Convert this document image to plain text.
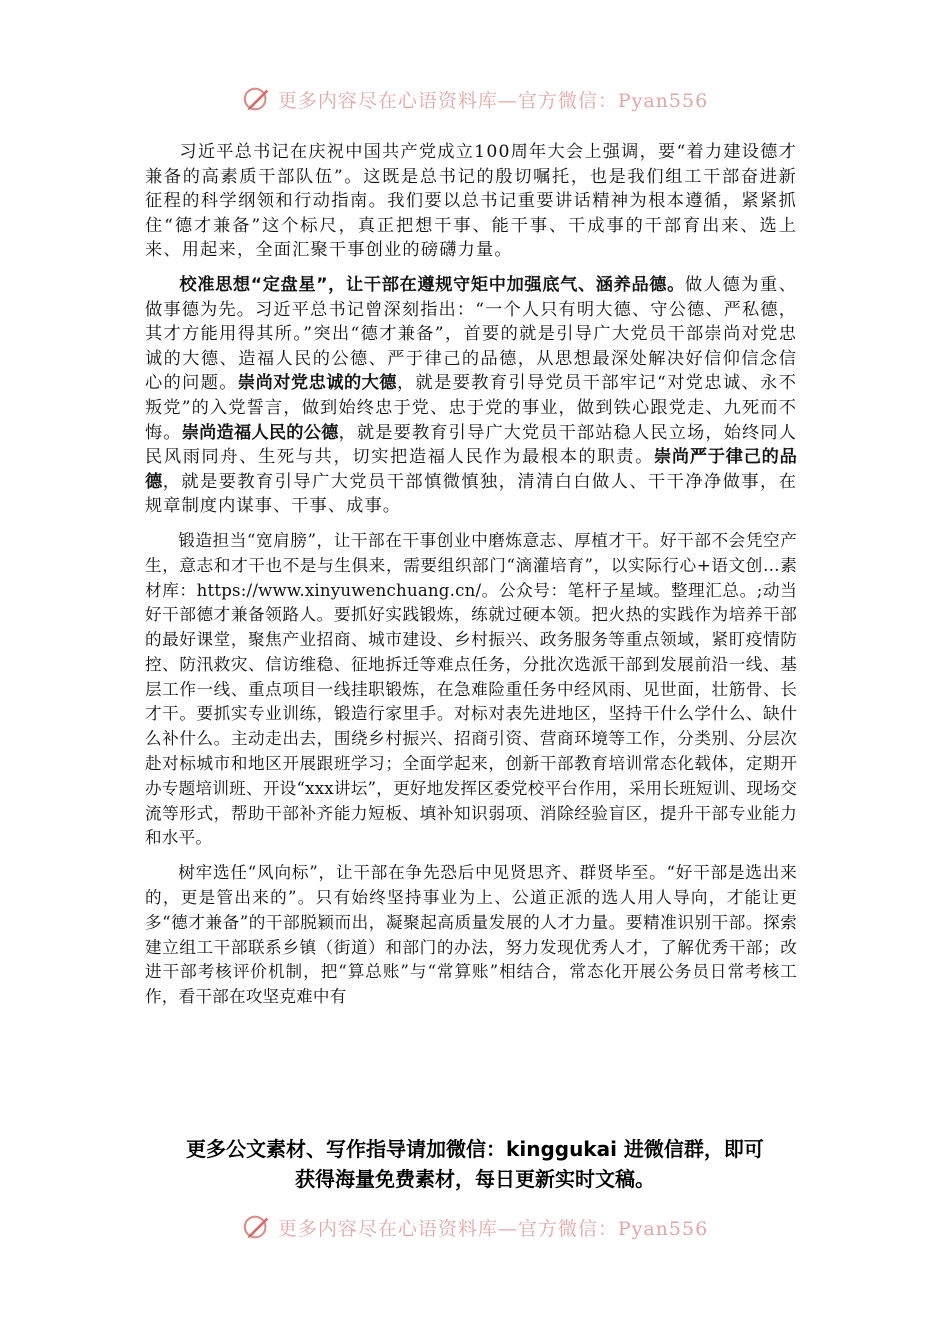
更多内容尽在心语资料库—官方微信：Pyan556

习近平总书记在庆祝中国共产党成立100周年大会上强调，要“着力建设德才兼备的高素质干部队伍”。这既是总书记的殷切嘱托，也是我们组工干部奋进新征程的科学纲领和行动指南。我们要以总书记重要讲话精神为根本遵循，紧紧抓住“德才兼备”这个标尺，真正把想干事、能干事、干成事的干部育出来、选上来、用起来，全面汇聚干事创业的磅礴力量。

校准思想“定盘星”，让干部在遵规守矩中加强底气、涵养品德。做人德为重、做事德为先。习近平总书记曾深刻指出：“一个人只有明大德、守公德、严私德，其才方能用得其所。”突出“德才兼备”，首要的就是引导广大党员干部崇尚对党忠诚的大德、造福人民的公德、严于律己的品德，从思想最深处解决好信仰信念信心的问题。崇尚对党忠诚的大德，就是要教育引导党员干部牢记“对党忠诚、永不叛党”的入党誓言，做到始终忠于党、忠于党的事业，做到铁心跟党走、九死而不悔。崇尚造福人民的公德，就是要教育引导广大党员干部站稳人民立场，始终同人民风雨同舟、生死与共，切实把造福人民作为最根本的职责。崇尚严于律己的品德，就是要教育引导广大党员干部慎微慎独，清清白白做人、干干净净做事，在规章制度内谋事、干事、成事。

锻造担当“宽肩膀”，让干部在干事创业中磨炼意志、厚植才干。好干部不会凭空产生，意志和才干也不是与生俱来，需要组织部门“滴灌培育”，以实际行心+语文创…素材库：https://www.xinyuwenchuang.cn/。公众号：笔杆子星域。整理汇总。;动当好干部德才兼备领路人。要抓好实践锻炼，练就过硬本领。把火热的实践作为培养干部的最好课堂，聚焦产业招商、城市建设、乡村振兴、政务服务等重点领域，紧盯疫情防控、防汛救灾、信访维稳、征地拆迁等难点任务，分批次选派干部到发展前沿一线、基层工作一线、重点项目一线挂职锻炼，在急难险重任务中经风雨、见世面，壮筋骨、长才干。要抓实专业训练，锻造行家里手。对标对表先进地区，坚持干什么学什么、缺什么补什么。主动走出去，围绕乡村振兴、招商引资、营商环境等工作，分类别、分层次赴对标城市和地区开展跟班学习；全面学起来，创新干部教育培训常态化载体，定期开办专题培训班、开设“xxx讲坛”，更好地发挥区委党校平台作用，采用长班短训、现场交流等形式，帮助干部补齐能力短板、填补知识弱项、消除经验盲区，提升干部专业能力和水平。

树牢选任“风向标”，让干部在争先恐后中见贤思齐、群贤毕至。“好干部是选出来的，更是管出来的”。只有始终坚持事业为上、公道正派的选人用人导向，才能让更多“德才兼备”的干部脱颖而出，凝聚起高质量发展的人才力量。要精准识别干部。探索建立组工干部联系乡镇（街道）和部门的办法，努力发现优秀人才，了解优秀干部；改进干部考核评价机制，把“算总账”与“常算账”相结合，常态化开展公务员日常考核工作，看干部在攻坚克难中有

更多公文素材、写作指导请加微信：kinggukai 进微信群，即可
获得海量免费素材，每日更新实时文稿。
更多内容尽在心语资料库—官方微信：Pyan556
